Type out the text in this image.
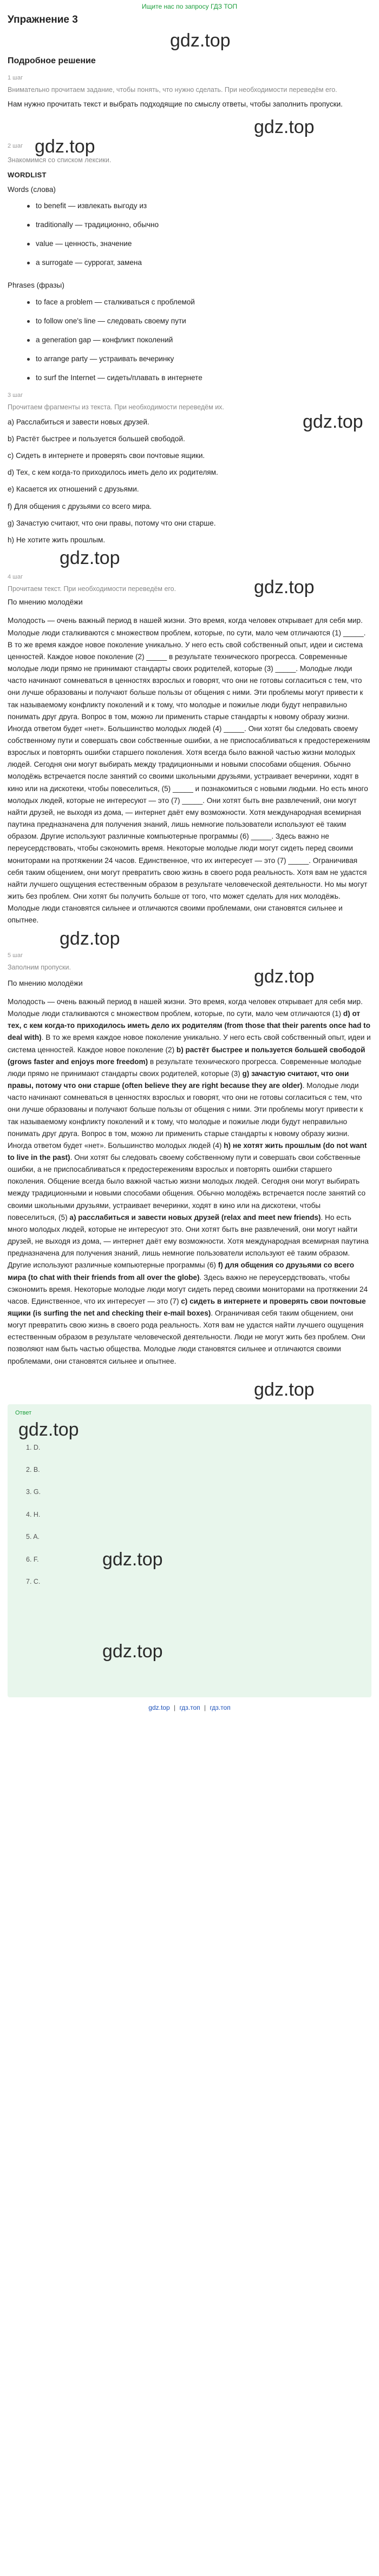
Ищите нас по запросу ГДЗ ТОП
Упражнение 3
gdz.top
Подробное решение
1 шаг

Внимательно прочитаем задание, чтобы понять, что нужно сделать. При необходимости переведём его.

Нам нужно прочитать текст и выбрать подходящие по смыслу ответы, чтобы заполнить пропуски.

gdz.top
2 шаг gdz.top

Знакомимся со списком лексики.

WORDLIST
Words (слова)
to benefit — извлекать выгоду из
traditionally — традиционно, обычно
value — ценность, значение
a surrogate — суррогат, замена
Phrases (фразы)
to face a problem — сталкиваться с проблемой
to follow one's line — следовать своему пути
a generation gap — конфликт поколений
to arrange party — устраивать вечеринку
to surf the Internet — сидеть/плавать в интернете
3 шаг

Прочитаем фрагменты из текста. При необходимости переведём их.

gdz.top

а) Расслабиться и завести новых друзей.

b) Растёт быстрее и пользуется большей свободой.

c) Сидеть в интернете и проверять свои почтовые ящики.

d) Тех, с кем когда-то приходилось иметь дело их родителям.

e) Касается их отношений с друзьями.

f) Для общения с друзьями со всего мира.

g) Зачастую считают, что они правы, потому что они старше.

h) Не хотите жить прошлым.

gdz.top
4 шаг

Прочитаем текст. При необходимости переведём его.	gdz.top

По мнению молодёжи

Молодость — очень важный период в нашей жизни. Это время, когда человек открывает для себя мир. Молодые люди сталкиваются с множеством проблем, которые, по сути, мало чем отличаются (1) _____. В то же время каждое новое поколение уникально. У него есть свой собственный опыт, идеи и система ценностей. Каждое новое поколение (2) _____ в результате технического прогресса. Современные молодые люди прямо не принимают стандарты своих родителей, которые (3) _____. Молодые люди часто начинают сомневаться в ценностях взрослых и говорят, что они не готовы согласиться с тем, что они лучше образованы и получают больше пользы от общения с ними. Эти проблемы могут привести к так называемому конфликту поколений и к тому, что молодые и пожилые люди будут неправильно понимать друг друга. Вопрос в том, можно ли применить старые стандарты к новому образу жизни. Иногда ответом будет «нет». Большинство молодых людей (4) _____. Они хотят бы следовать своему собственному пути и совершать свои собственные ошибки, а не приспосабливаться к предостережениям взрослых и повторять ошибки старшего поколения. Хотя всегда было важной частью жизни молодых людей. Сегодня они могут выбирать между традиционными и новыми способами общения. Обычно молодёжь встречается после занятий со своими школьными друзьями, устраивает вечеринки, ходят в кино или на дискотеки, чтобы повеселиться, (5) _____ и познакомиться с новыми людьми. Но есть много молодых людей, которые не интересуют — это (7) _____. Они хотят быть вне развлечений, они могут найти друзей, не выходя из дома, — интернет даёт ему возможности. Хотя международная всемирная паутина предназначена для получения знаний, лишь немногие пользователи используют её таким образом. Другие используют различные компьютерные программы (6) _____. Здесь важно не переусердствовать, чтобы сэкономить время. Некоторые молодые люди могут сидеть перед своими мониторами на протяжении 24 часов. Единственное, что их интересует — это (7) _____. Ограничивая себя таким общением, они могут превратить свою жизнь в своего рода реальность. Хотя вам не удастся найти лучшего ощущения естественным образом в результате человеческой деятельности. Но мы могут жить без проблем. Они хотят бы получить больше от того, что может сделать для них молодёжь. Молодые люди становятся сильнее и отличаются своими проблемами, они становятся сильнее и опытнее.

gdz.top
5 шаг

Заполним пропуски.	gdz.top

По мнению молодёжи

Молодость — очень важный период в нашей жизни. Это время, когда человек открывает для себя мир. Молодые люди сталкиваются с множеством проблем, которые, по сути, мало чем отличаются (1) d) от тех, с кем когда-то приходилось иметь дело их родителям (from those that their parents once had to deal with). В то же время каждое новое поколение уникально. У него есть свой собственный опыт, идеи и система ценностей. Каждое новое поколение (2) b) растёт быстрее и пользуется большей свободой (grows faster and enjoys more freedom) в результате технического прогресса. Современные молодые люди прямо не принимают стандарты своих родителей, которые (3) g) зачастую считают, что они правы, потому что они старше (often believe they are right because they are older). Молодые люди часто начинают сомневаться в ценностях взрослых и говорят, что они не готовы согласиться с тем, что они лучше образованы и получают больше пользы от общения с ними. Эти проблемы могут привести к так называемому конфликту поколений и к тому, что молодые и пожилые люди будут неправильно понимать друг друга. Вопрос в том, можно ли применить старые стандарты к новому образу жизни. Иногда ответом будет «нет». Большинство молодых людей (4) h) не хотят жить прошлым (do not want to live in the past). Они хотят бы следовать своему собственному пути и совершать свои собственные ошибки, а не приспосабливаться к предостережениям взрослых и повторять ошибки старшего поколения. Общение всегда было важной частью жизни молодых людей. Сегодня они могут выбирать между традиционными и новыми способами общения. Обычно молодёжь встречается после занятий со своими школьными друзьями, устраивает вечеринки, ходят в кино или на дискотеки, чтобы повеселиться, (5) a) расслабиться и завести новых друзей (relax and meet new friends). Но есть много молодых людей, которые не интересуют это. Они хотят быть вне развлечений, они могут найти друзей, не выходя из дома, — интернет даёт ему возможности. Хотя международная всемирная паутина предназначена для получения знаний, лишь немногие пользователи используют её таким образом. Другие используют различные компьютерные программы (6) f) для общения со друзьями со всего мира (to chat with their friends from all over the globe). Здесь важно не переусердствовать, чтобы сэкономить время. Некоторые молодые люди могут сидеть перед своими мониторами на протяжении 24 часов. Единственное, что их интересует — это (7) c) сидеть в интернете и проверять свои почтовые ящики (is surfing the net and checking their e-mail boxes). Ограничивая себя таким общением, они могут превратить свою жизнь в своего рода реальность. Хотя вам не удастся найти лучшего ощущения естественным образом в результате человеческой деятельности. Люди не могут жить без проблем. Они позволяют нам быть частью общества. Молодые люди становятся сильнее и отличаются своими проблемами, они становятся сильнее и опытнее.

gdz.top
Ответ
gdz.top
1. D.
2. B.
3. G.
4. H.
5. A.
6. F.
7. C.
gdz.top
gdz.top
gdz.top | гдз.топ | гдз.топ
